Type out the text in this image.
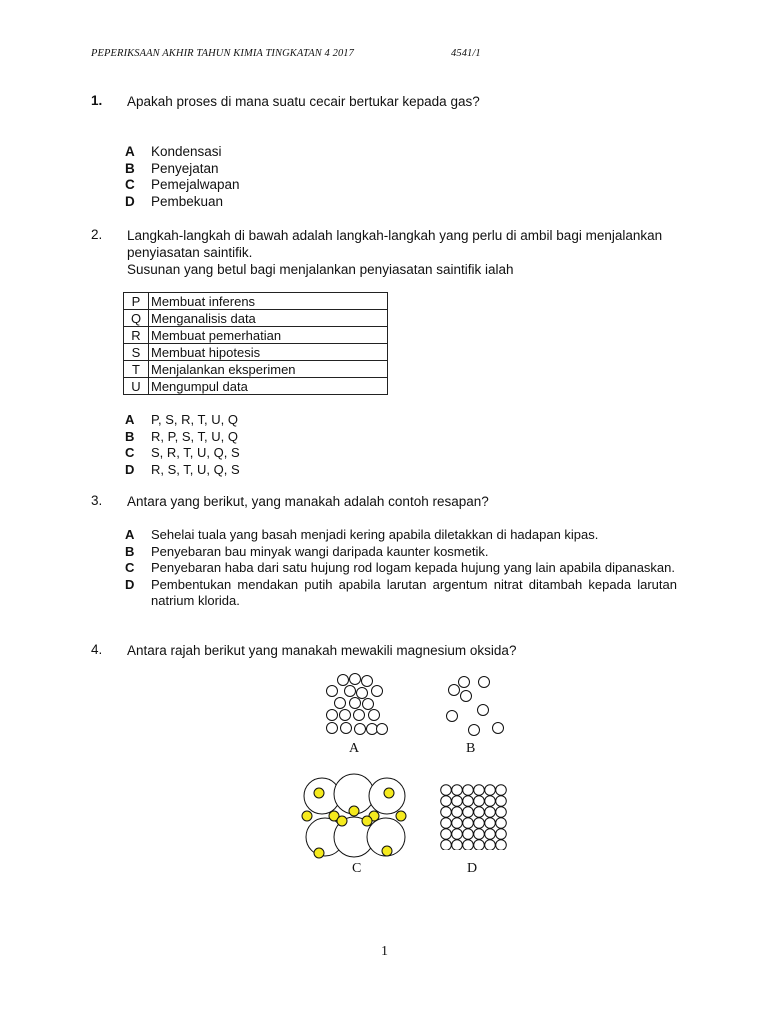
PEPERIKSAAN AKHIR TAHUN KIMIA TINGKATAN 4 2017	4541/1
1. Apakah proses di mana suatu cecair bertukar kepada gas?
A	Kondensasi
B	Penyejatan
C	Pemejalwapan
D	Pembekuan
2. Langkah-langkah di bawah adalah langkah-langkah yang perlu di ambil bagi menjalankan
penyiasatan saintifik.
Susunan yang betul bagi menjalankan penyiasatan saintifik ialah
P	Membuat inferens
Q	Menganalisis data
R	Membuat pemerhatian
S	Membuat hipotesis
T	Menjalankan eksperimen
U	Mengumpul data
A	P, S, R, T, U, Q
B	R, P, S, T, U, Q
C	S, R, T, U, Q, S
D	R, S, T, U, Q, S
3. Antara yang berikut, yang manakah adalah contoh resapan?
A	Sehelai tuala yang basah menjadi kering apabila diletakkan di hadapan kipas.
B	Penyebaran bau minyak wangi daripada kaunter kosmetik.
C	Penyebaran haba dari satu hujung rod logam kepada hujung yang lain apabila dipanaskan.
D	Pembentukan mendakan putih apabila larutan argentum nitrat ditambah kepada larutan natrium klorida.
4. Antara rajah berikut yang manakah mewakili magnesium oksida?
A	B
C	D
1
